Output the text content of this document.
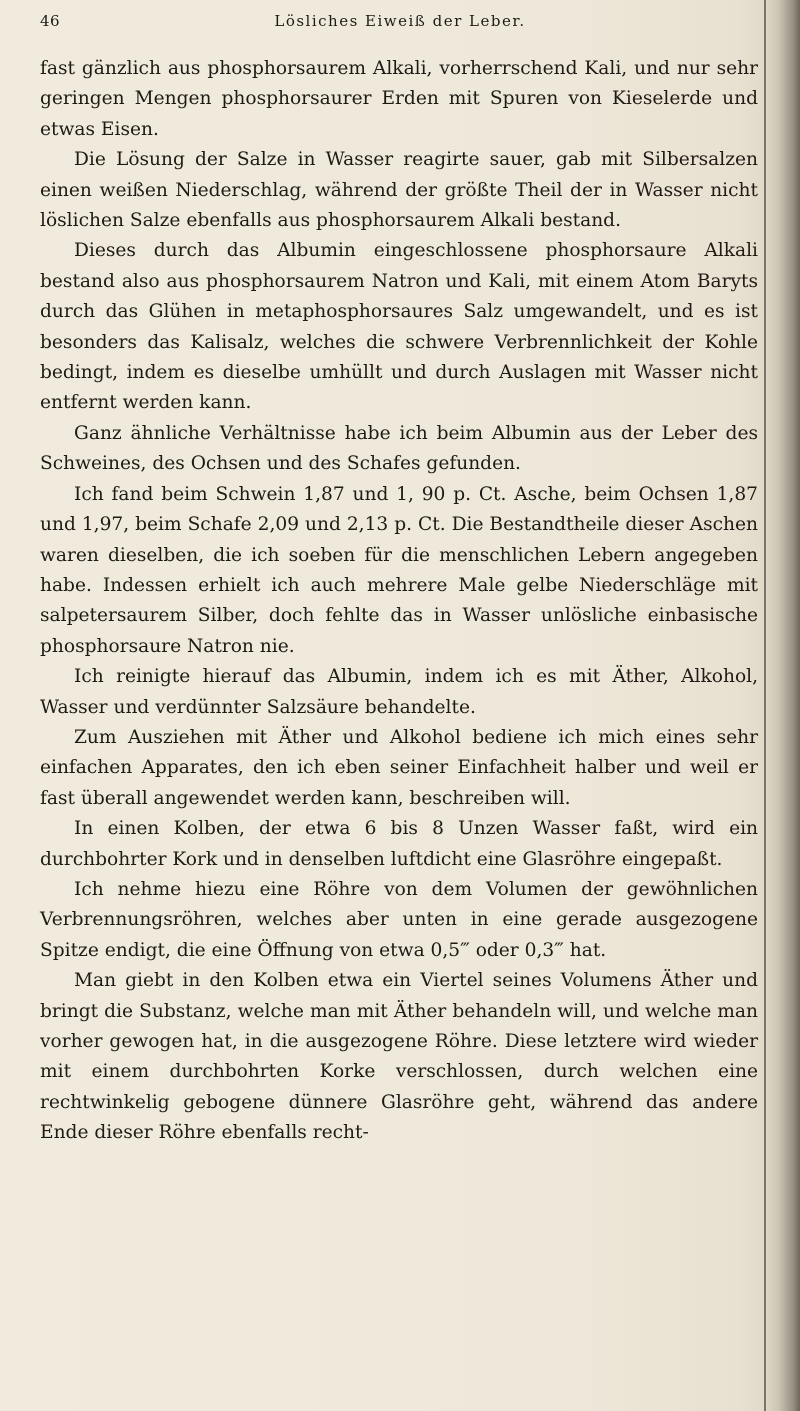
46	Lösliches Eiweiß der Leber.

fast gänzlich aus phosphorsaurem Alkali, vorherrschend Kali, und nur sehr geringen Mengen phosphorsaurer Erden mit Spuren von Kieselerde und etwas Eisen.

Die Lösung der Salze in Wasser reagirte sauer, gab mit Silbersalzen einen weißen Niederschlag, während der größte Theil der in Wasser nicht löslichen Salze ebenfalls aus phosphorsaurem Alkali bestand.

Dieses durch das Albumin eingeschlossene phosphorsaure Alkali bestand also aus phosphorsaurem Natron und Kali, mit einem Atom Baryts durch das Glühen in metaphosphorsaures Salz umgewandelt, und es ist besonders das Kalisalz, welches die schwere Verbrennlichkeit der Kohle bedingt, indem es dieselbe umhüllt und durch Auslagen mit Wasser nicht entfernt werden kann.

Ganz ähnliche Verhältnisse habe ich beim Albumin aus der Leber des Schweines, des Ochsen und des Schafes gefunden.

Ich fand beim Schwein 1,87 und 1, 90 p. Ct. Asche, beim Ochsen 1,87 und 1,97, beim Schafe 2,09 und 2,13 p. Ct. Die Bestandtheile dieser Aschen waren dieselben, die ich soeben für die menschlichen Lebern angegeben habe. Indessen erhielt ich auch mehrere Male gelbe Niederschläge mit salpetersaurem Silber, doch fehlte das in Wasser unlösliche einbasische phosphorsaure Natron nie.

Ich reinigte hierauf das Albumin, indem ich es mit Äther, Alkohol, Wasser und verdünnter Salzsäure behandelte.

Zum Ausziehen mit Äther und Alkohol bediene ich mich eines sehr einfachen Apparates, den ich eben seiner Einfachheit halber und weil er fast überall angewendet werden kann, beschreiben will.

In einen Kolben, der etwa 6 bis 8 Unzen Wasser faßt, wird ein durchbohrter Kork und in denselben luftdicht eine Glasröhre eingepaßt.

Ich nehme hiezu eine Röhre von dem Volumen der gewöhnlichen Verbrennungsröhren, welches aber unten in eine gerade ausgezogene Spitze endigt, die eine Öffnung von etwa 0,5‴ oder 0,3‴ hat.

Man giebt in den Kolben etwa ein Viertel seines Volumens Äther und bringt die Substanz, welche man mit Äther behandeln will, und welche man vorher gewogen hat, in die ausgezogene Röhre. Diese letztere wird wieder mit einem durchbohrten Korke verschlossen, durch welchen eine rechtwinkelig gebogene dünnere Glasröhre geht, während das andere Ende dieser Röhre ebenfalls recht-
